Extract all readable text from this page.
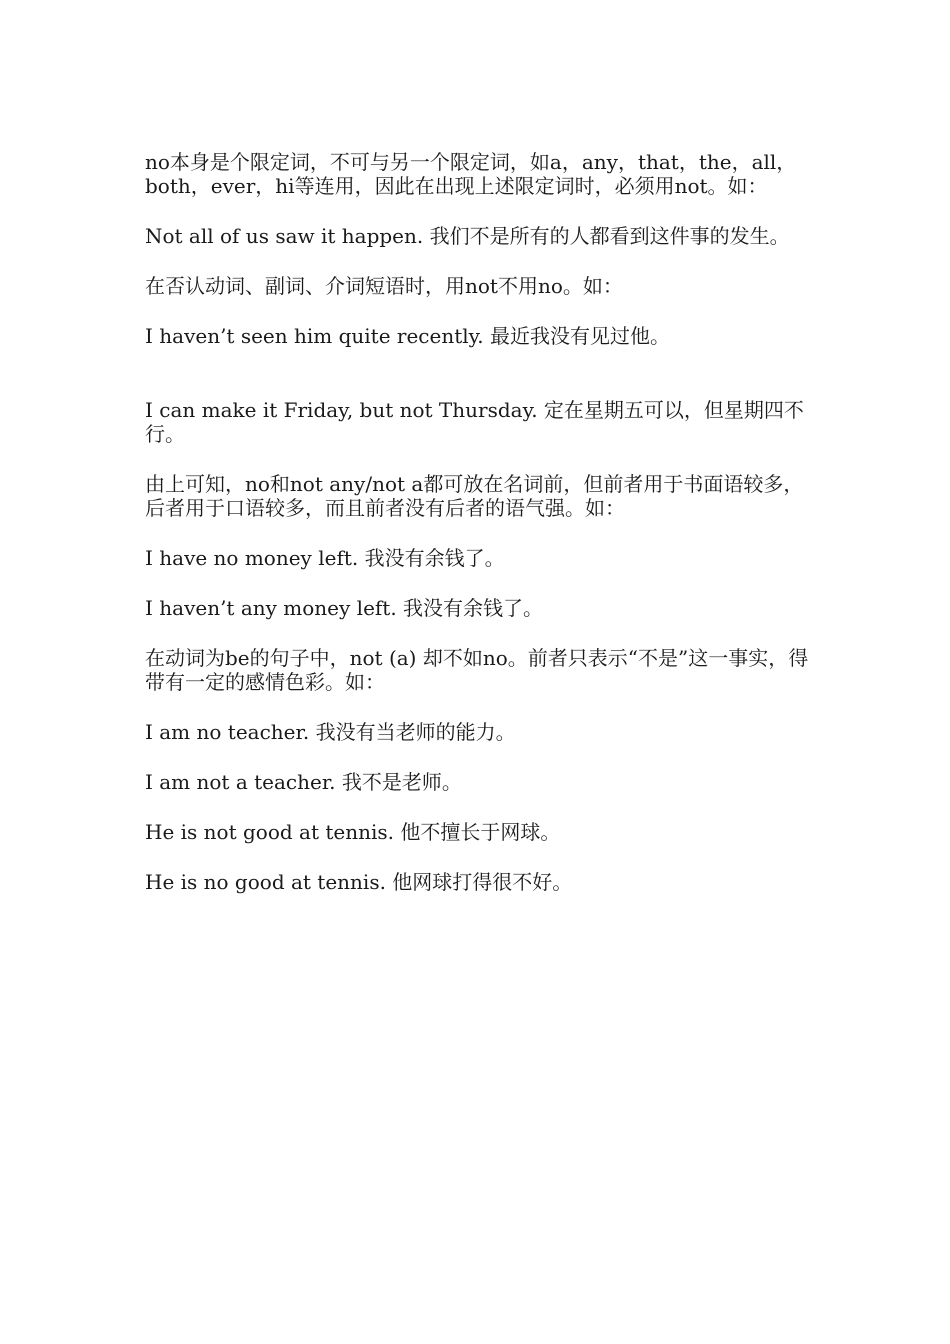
no本身是个限定词，不可与另一个限定词，如a，any，that，the，all，both，ever，hi等连用，因此在出现上述限定词时，必须用not。如：

Not all of us saw it happen. 我们不是所有的人都看到这件事的发生。

在否认动词、副词、介词短语时，用not不用no。如：

I haven’t seen him quite recently. 最近我没有见过他。

I can make it Friday, but not Thursday. 定在星期五可以，但星期四不行。

由上可知，no和not any/not a都可放在名词前，但前者用于书面语较多，后者用于口语较多，而且前者没有后者的语气强。如：

I have no money left. 我没有余钱了。

I haven’t any money left. 我没有余钱了。

在动词为be的句子中，not (a) 却不如no。前者只表示“不是”这一事实，得带有一定的感情色彩。如：

I am no teacher. 我没有当老师的能力。

I am not a teacher. 我不是老师。

He is not good at tennis. 他不擅长于网球。

He is no good at tennis. 他网球打得很不好。
